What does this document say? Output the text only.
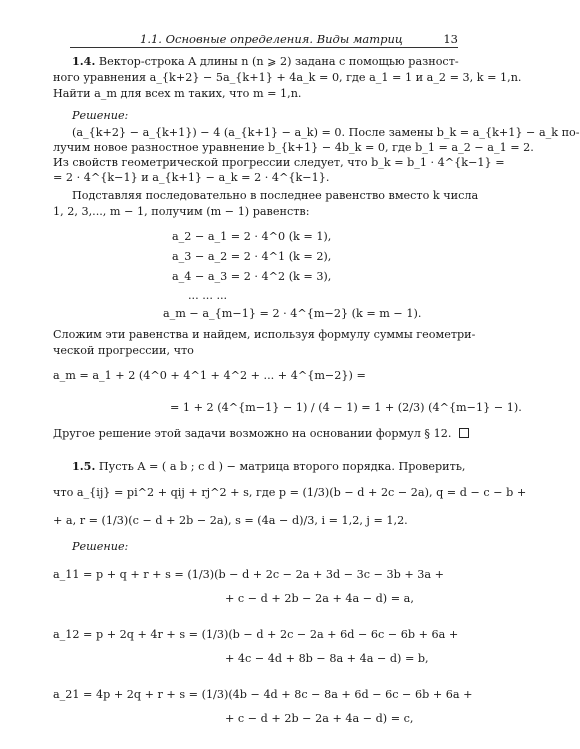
1.1. Основные определения. Виды матриц	13
1.4. Вектор-строка A длины n (n ⩾ 2) задана с помощью разност-
ного уравнения a_{k+2} − 5a_{k+1} + 4a_k = 0, где a_1 = 1 и a_2 = 3, k = 1,n.
Найти a_m для всех m таких, что m = 1,n.
Решение:
(a_{k+2} − a_{k+1}) − 4 (a_{k+1} − a_k) = 0. После замены b_k = a_{k+1} − a_k по-
лучим новое разностное уравнение b_{k+1} − 4b_k = 0, где b_1 = a_2 − a_1 = 2.
Из свойств геометрической прогрессии следует, что b_k = b_1 · 4^{k−1} =
= 2 · 4^{k−1} и a_{k+1} − a_k = 2 · 4^{k−1}.
Подставляя последовательно в последнее равенство вместо k числа
1, 2, 3,..., m − 1, получим (m − 1) равенств:
a_2 − a_1 = 2 · 4^0 (k = 1),
a_3 − a_2 = 2 · 4^1 (k = 2),
a_4 − a_3 = 2 · 4^2 (k = 3),
... ... ...
a_m − a_{m−1} = 2 · 4^{m−2} (k = m − 1).
Сложим эти равенства и найдем, используя формулу суммы геометри-
ческой прогрессии, что
a_m = a_1 + 2 (4^0 + 4^1 + 4^2 + ... + 4^{m−2}) =
= 1 + 2 (4^{m−1} − 1) / (4 − 1) = 1 + (2/3) (4^{m−1} − 1).
Другое решение этой задачи возможно на основании формул § 12.
1.5. Пусть A = ( a b ; c d ) − матрица второго порядка. Проверить,
что a_{ij} = pi^2 + qij + rj^2 + s, где p = (1/3)(b − d + 2c − 2a), q = d − c − b +
+ a, r = (1/3)(c − d + 2b − 2a), s = (4a − d)/3, i = 1,2, j = 1,2.
Решение:
a_11 = p + q + r + s = (1/3)(b − d + 2c − 2a + 3d − 3c − 3b + 3a +
+ c − d + 2b − 2a + 4a − d) = a,
a_12 = p + 2q + 4r + s = (1/3)(b − d + 2c − 2a + 6d − 6c − 6b + 6a +
+ 4c − 4d + 8b − 8a + 4a − d) = b,
a_21 = 4p + 2q + r + s = (1/3)(4b − 4d + 8c − 8a + 6d − 6c − 6b + 6a +
+ c − d + 2b − 2a + 4a − d) = c,
